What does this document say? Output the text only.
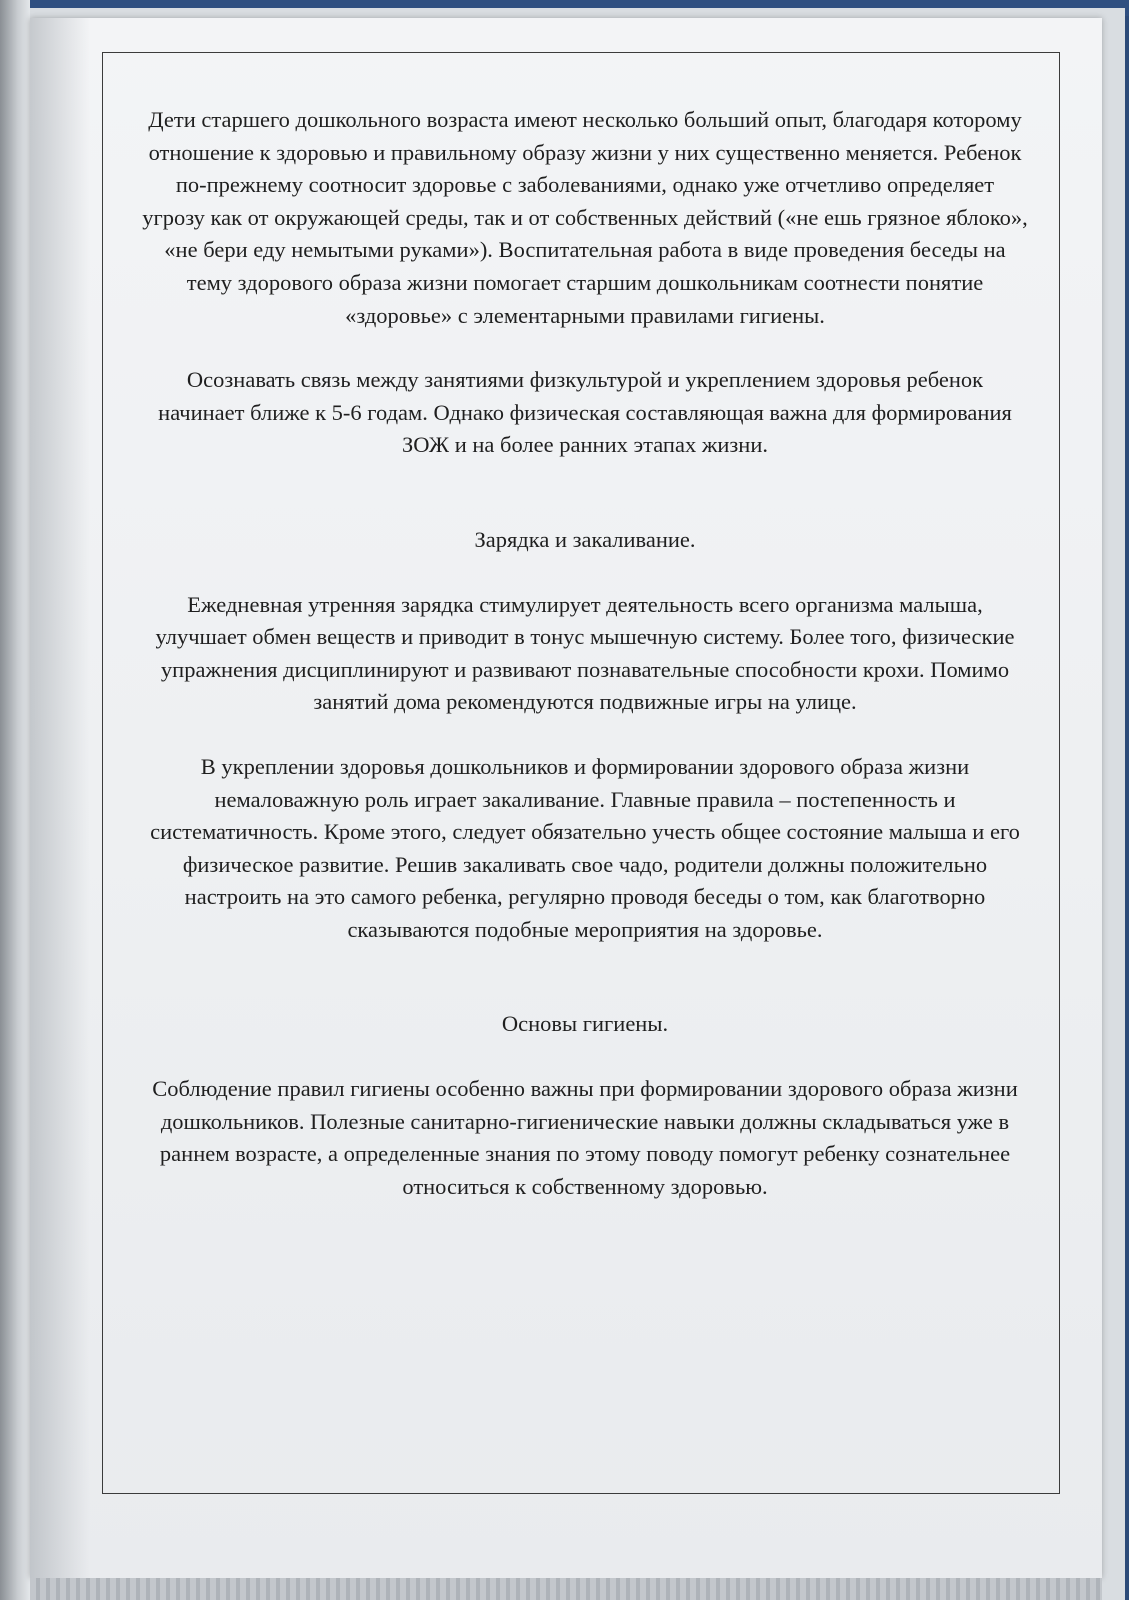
Дети старшего дошкольного возраста имеют несколько больший опыт, благодаря которому отношение к здоровью и правильному образу жизни у них существенно меняется. Ребенок по-прежнему соотносит здоровье с заболеваниями, однако уже отчетливо определяет угрозу как от окружающей среды, так и от собственных действий («не ешь грязное яблоко», «не бери еду немытыми руками»). Воспитательная работа в виде проведения беседы на тему здорового образа жизни помогает старшим дошкольникам соотнести понятие «здоровье» с элементарными правилами гигиены.

Осознавать связь между занятиями физкультурой и укреплением здоровья ребенок начинает ближе к 5-6 годам. Однако физическая составляющая важна для формирования ЗОЖ и на более ранних этапах жизни.

Зарядка и закаливание.

Ежедневная утренняя зарядка стимулирует деятельность всего организма малыша, улучшает обмен веществ и приводит в тонус мышечную систему. Более того, физические упражнения дисциплинируют и развивают познавательные способности крохи. Помимо занятий дома рекомендуются подвижные игры на улице.

В укреплении здоровья дошкольников и формировании здорового образа жизни немаловажную роль играет закаливание. Главные правила – постепенность и систематичность. Кроме этого, следует обязательно учесть общее состояние малыша и его физическое развитие. Решив закаливать свое чадо, родители должны положительно настроить на это самого ребенка, регулярно проводя беседы о том, как благотворно сказываются подобные мероприятия на здоровье.

Основы гигиены.

Соблюдение правил гигиены особенно важны при формировании здорового образа жизни дошкольников. Полезные санитарно-гигиенические навыки должны складываться уже в раннем возрасте, а определенные знания по этому поводу помогут ребенку сознательнее относиться к собственному здоровью.
